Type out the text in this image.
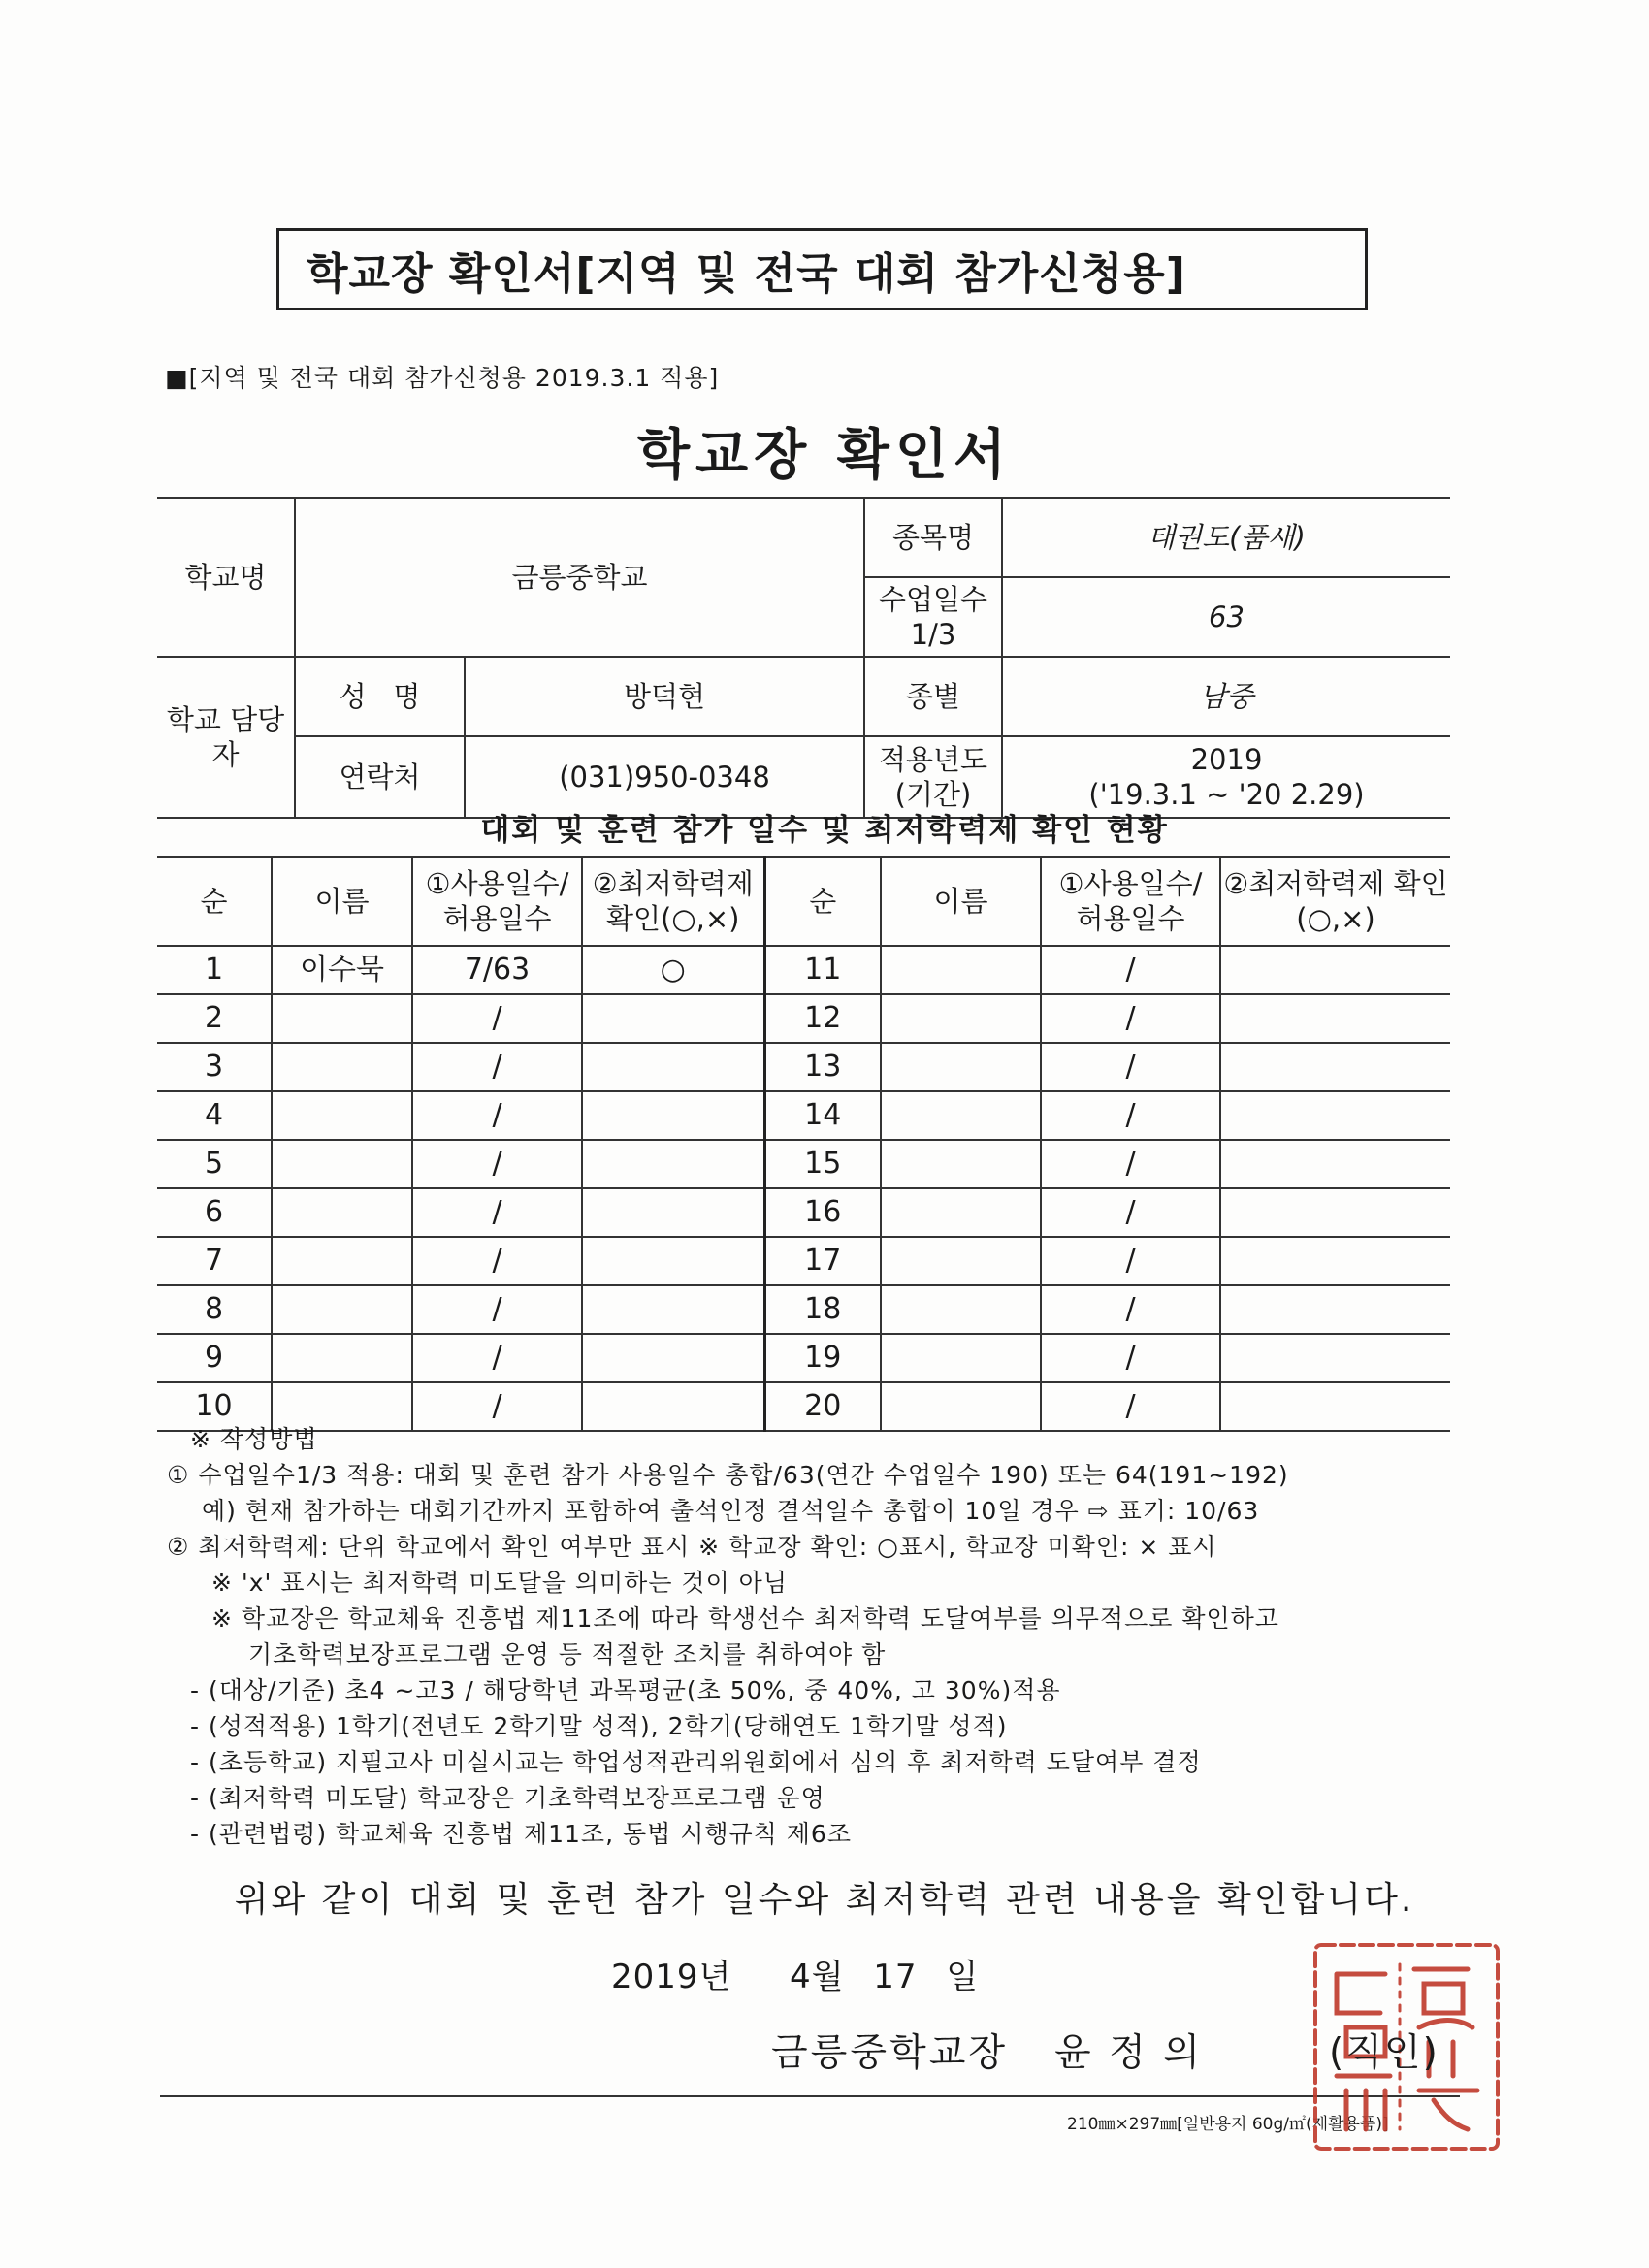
학교장 확인서[지역 및 전국 대회 참가신청용]
■[지역 및 전국 대회 참가신청용 2019.3.1 적용]
학교장 확인서
학교명	금릉중학교		종목명	태권도(품새)
			수업일수 1/3	63
학교 담당자	성   명	방덕현	종별	남중
	연락처	(031)950-0348	적용년도 (기간)	2019
('19.3.1 ~ '20 2.29)
대회 및 훈련 참가 일수 및 최저학력제 확인 현황
순	이름	①사용일수/ 허용일수	②최저학력제 확인(○,×)	순	이름	①사용일수/ 허용일수	②최저학력제 확인(○,×)
1	이수묵	7/63	○	11		/	
2		/		12		/	
3		/		13		/	
4		/		14		/	
5		/		15		/	
6		/		16		/	
7		/		17		/	
8		/		18		/	
9		/		19		/	
10		/		20		/	
※ 작성방법
① 수업일수1/3 적용: 대회 및 훈련 참가 사용일수 총합/63(연간 수업일수 190) 또는 64(191~192)
예) 현재 참가하는 대회기간까지 포함하여 출석인정 결석일수 총합이 10일 경우 ⇨ 표기: 10/63
② 최저학력제: 단위 학교에서 확인 여부만 표시 ※ 학교장 확인: ○표시, 학교장 미확인: × 표시
※ 'x' 표시는 최저학력 미도달을 의미하는 것이 아님
※ 학교장은 학교체육 진흥법 제11조에 따라 학생선수 최저학력 도달여부를 의무적으로 확인하고
기초학력보장프로그램 운영 등 적절한 조치를 취하여야 함
- (대상/기준) 초4 ~고3 / 해당학년 과목평균(초 50%, 중 40%, 고 30%)적용
- (성적적용) 1학기(전년도 2학기말 성적), 2학기(당해연도 1학기말 성적)
- (초등학교) 지필고사 미실시교는 학업성적관리위원회에서 심의 후 최저학력 도달여부 결정
- (최저학력 미도달) 학교장은 기초학력보장프로그램 운영
- (관련법령) 학교체육 진흥법 제11조, 동법 시행규칙 제6조
위와 같이 대회 및 훈련 참가 일수와 최저학력 관련 내용을 확인합니다.
2019년  4월 17 일
금릉중학교장 윤 정 의	(직인)
210㎜×297㎜[일반용지 60g/㎡(재활용품)]
